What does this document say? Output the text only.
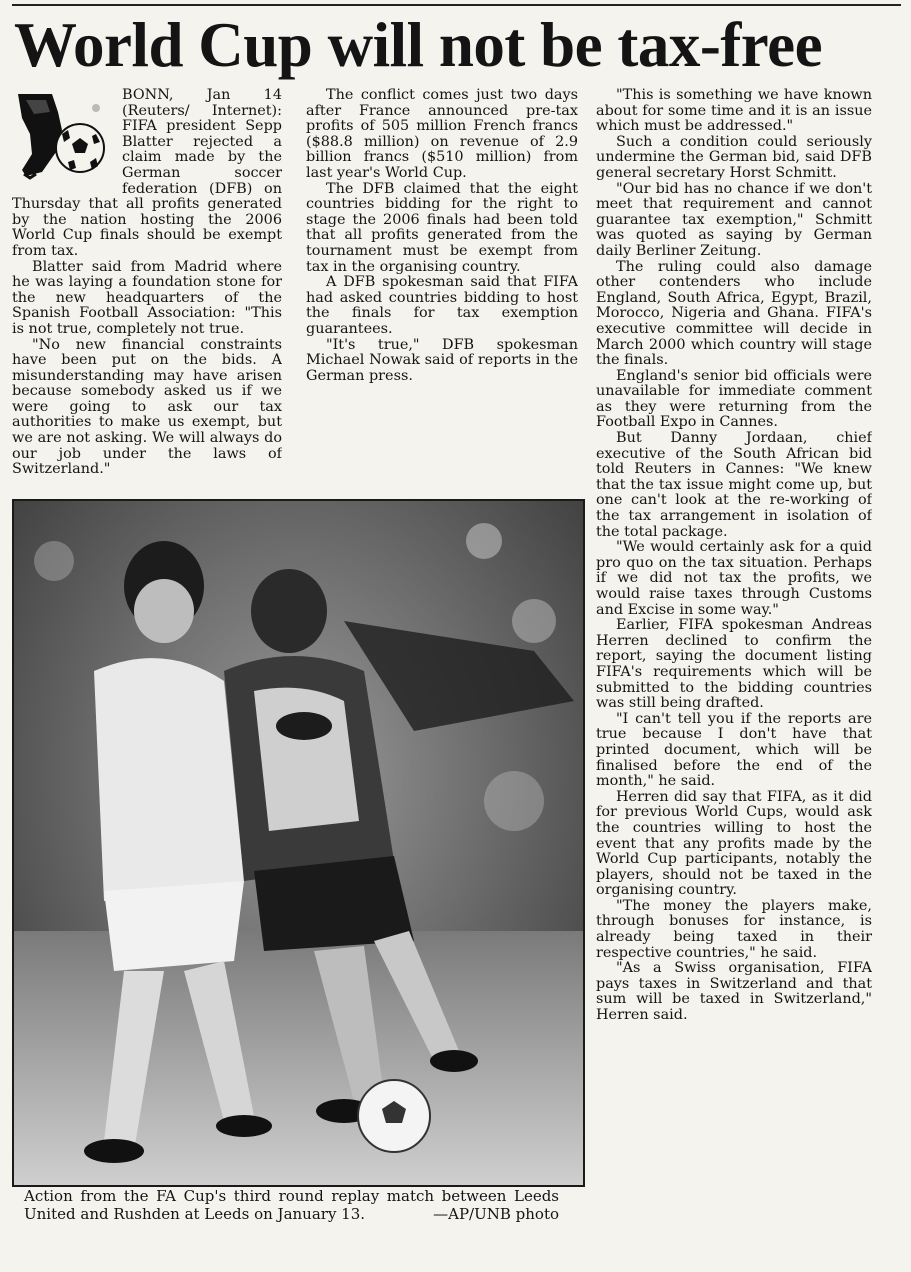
World Cup will not be tax-free

BONN, Jan 14 (Reuters/ Internet): FIFA president Sepp Blatter rejected a claim made by the German soccer federation (DFB) on Thursday that all profits generated by the nation hosting the 2006 World Cup finals should be exempt from tax.

Blatter said from Madrid where he was laying a foundation stone for the new headquarters of the Spanish Football Association: "This is not true, completely not true.

"No new financial constraints have been put on the bids. A misunderstanding may have arisen because somebody asked us if we were going to ask our tax authorities to make us exempt, but we are not asking. We will always do our job under the laws of Switzerland."

The conflict comes just two days after France announced pre-tax profits of 505 million French francs ($88.8 million) on revenue of 2.9 billion francs ($510 million) from last year's World Cup.

The DFB claimed that the eight countries bidding for the right to stage the 2006 finals had been told that all profits generated from the tournament must be exempt from tax in the organising country.

A DFB spokesman said that FIFA had asked countries bidding to host the finals for tax exemption guarantees.

"It's true," DFB spokesman Michael Nowak said of reports in the German press.

"This is something we have known about for some time and it is an issue which must be addressed."

Such a condition could seriously undermine the German bid, said DFB general secretary Horst Schmitt.

"Our bid has no chance if we don't meet that requirement and cannot guarantee tax exemption," Schmitt was quoted as saying by German daily Berliner Zeitung.

The ruling could also damage other contenders who include England, South Africa, Egypt, Brazil, Morocco, Nigeria and Ghana. FIFA's executive committee will decide in March 2000 which country will stage the finals.

England's senior bid officials were unavailable for immediate comment as they were returning from the Football Expo in Cannes.

But Danny Jordaan, chief executive of the South African bid told Reuters in Cannes: "We knew that the tax issue might come up, but one can't look at the re-working of the tax arrangement in isolation of the total package.

"We would certainly ask for a quid pro quo on the tax situation. Perhaps if we did not tax the profits, we would raise taxes through Customs and Excise in some way."

Earlier, FIFA spokesman Andreas Herren declined to confirm the report, saying the document listing FIFA's requirements which will be submitted to the bidding countries was still being drafted.

"I can't tell you if the reports are true because I don't have that printed document, which will be finalised before the end of the month," he said.

Herren did say that FIFA, as it did for previous World Cups, would ask the countries willing to host the event that any profits made by the World Cup participants, notably the players, should not be taxed in the organising country.

"The money the players make, through bonuses for instance, is already being taxed in their respective countries," he said.

"As a Swiss organisation, FIFA pays taxes in Switzerland and that sum will be taxed in Switzerland," Herren said.

Action from the FA Cup's third round replay match between Leeds United and Rushden at Leeds on January 13.	—AP/UNB photo
